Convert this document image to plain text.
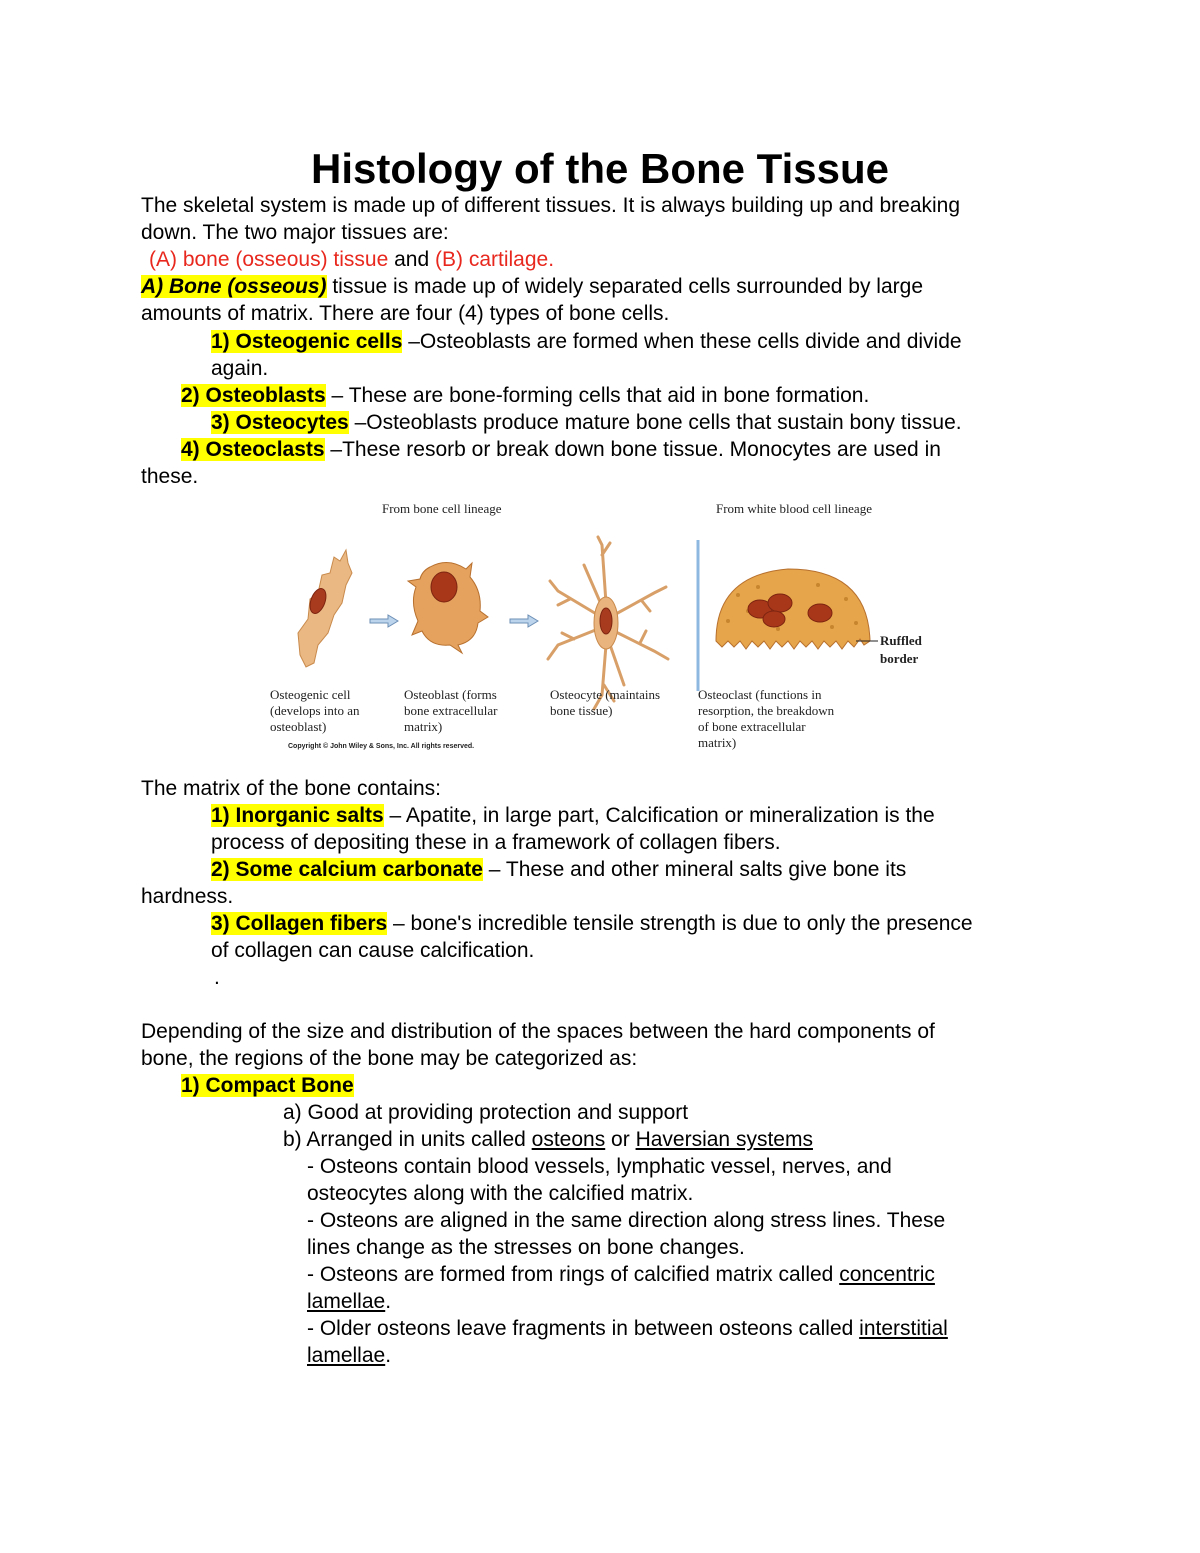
Histology of the Bone Tissue

The skeletal system is made up of different tissues. It is always building up and breaking

down. The two major tissues are:

(A) bone (osseous) tissue and (B) cartilage.

A) Bone (osseous) tissue is made up of widely separated cells surrounded by large

amounts of matrix. There are four (4) types of bone cells.

1) Osteogenic cells –Osteoblasts are formed when these cells divide and divide

again.

2) Osteoblasts – These are bone-forming cells that aid in bone formation.

3) Osteocytes –Osteoblasts produce mature bone cells that sustain bony tissue.

4) Osteoclasts –These resorb or break down bone tissue. Monocytes are used in

these.

From bone cell lineage	From white blood cell lineage
Ruffled
border
Osteogenic cell
(develops into an
osteoblast)
Osteoblast (forms
bone extracellular
matrix)
Osteocyte (maintains
bone tissue)
Osteoclast (functions in
resorption, the breakdown
of bone extracellular
matrix)
Copyright © John Wiley & Sons, Inc. All rights reserved.

The matrix of the bone contains:

1) Inorganic salts – Apatite, in large part, Calcification or mineralization is the

process of depositing these in a framework of collagen fibers.

2) Some calcium carbonate – These and other mineral salts give bone its

hardness.

3) Collagen fibers – bone's incredible tensile strength is due to only the presence

of collagen can cause calcification.

.

Depending of the size and distribution of the spaces between the hard components of

bone, the regions of the bone may be categorized as:

1) Compact Bone

a) Good at providing protection and support

b) Arranged in units called osteons or Haversian systems

- Osteons contain blood vessels, lymphatic vessel, nerves, and

osteocytes along with the calcified matrix.

- Osteons are aligned in the same direction along stress lines. These

lines change as the stresses on bone changes.

- Osteons are formed from rings of calcified matrix called concentric

lamellae.

- Older osteons leave fragments in between osteons called interstitial

lamellae.
